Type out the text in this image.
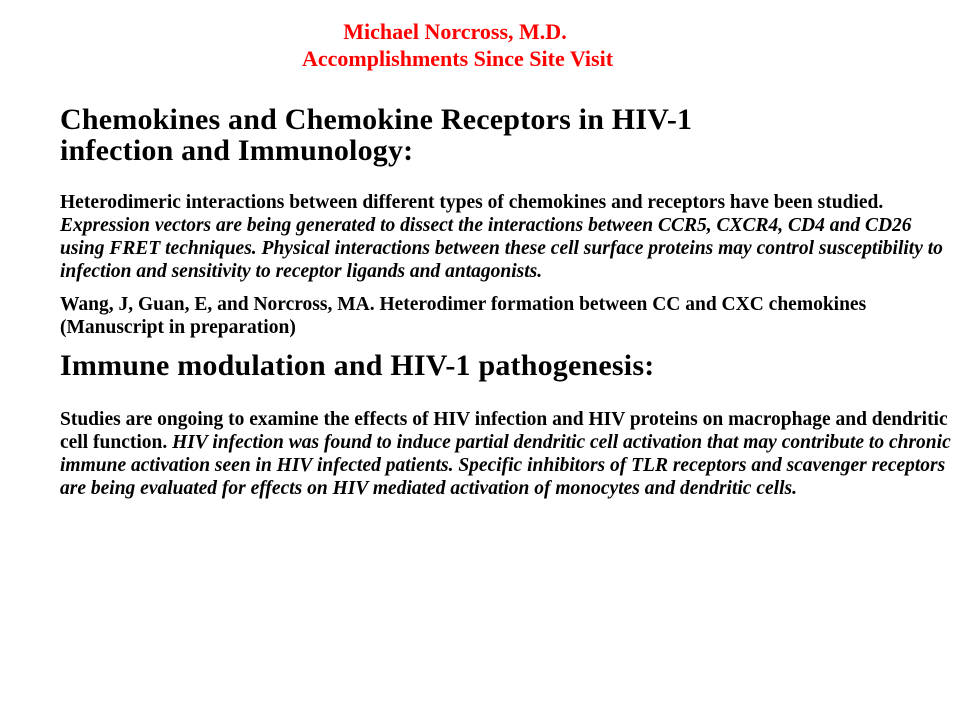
Michael Norcross, M.D.
Accomplishments Since Site Visit
Chemokines and Chemokine Receptors in HIV-1
infection and Immunology:

Heterodimeric interactions between different types of chemokines and receptors have been studied. Expression vectors are being generated to dissect the interactions between CCR5, CXCR4, CD4 and CD26 using FRET techniques. Physical interactions between these cell surface proteins may control susceptibility to infection and sensitivity to receptor ligands and antagonists.

Wang, J, Guan, E, and Norcross, MA. Heterodimer formation between CC and CXC chemokines (Manuscript in preparation)

Immune modulation and HIV-1 pathogenesis:

Studies are ongoing to examine the effects of HIV infection and HIV proteins on macrophage and dendritic cell function. HIV infection was found to induce partial dendritic cell activation that may contribute to chronic immune activation seen in HIV infected patients. Specific inhibitors of TLR receptors and scavenger receptors are being evaluated for effects on HIV mediated activation of monocytes and dendritic cells.
